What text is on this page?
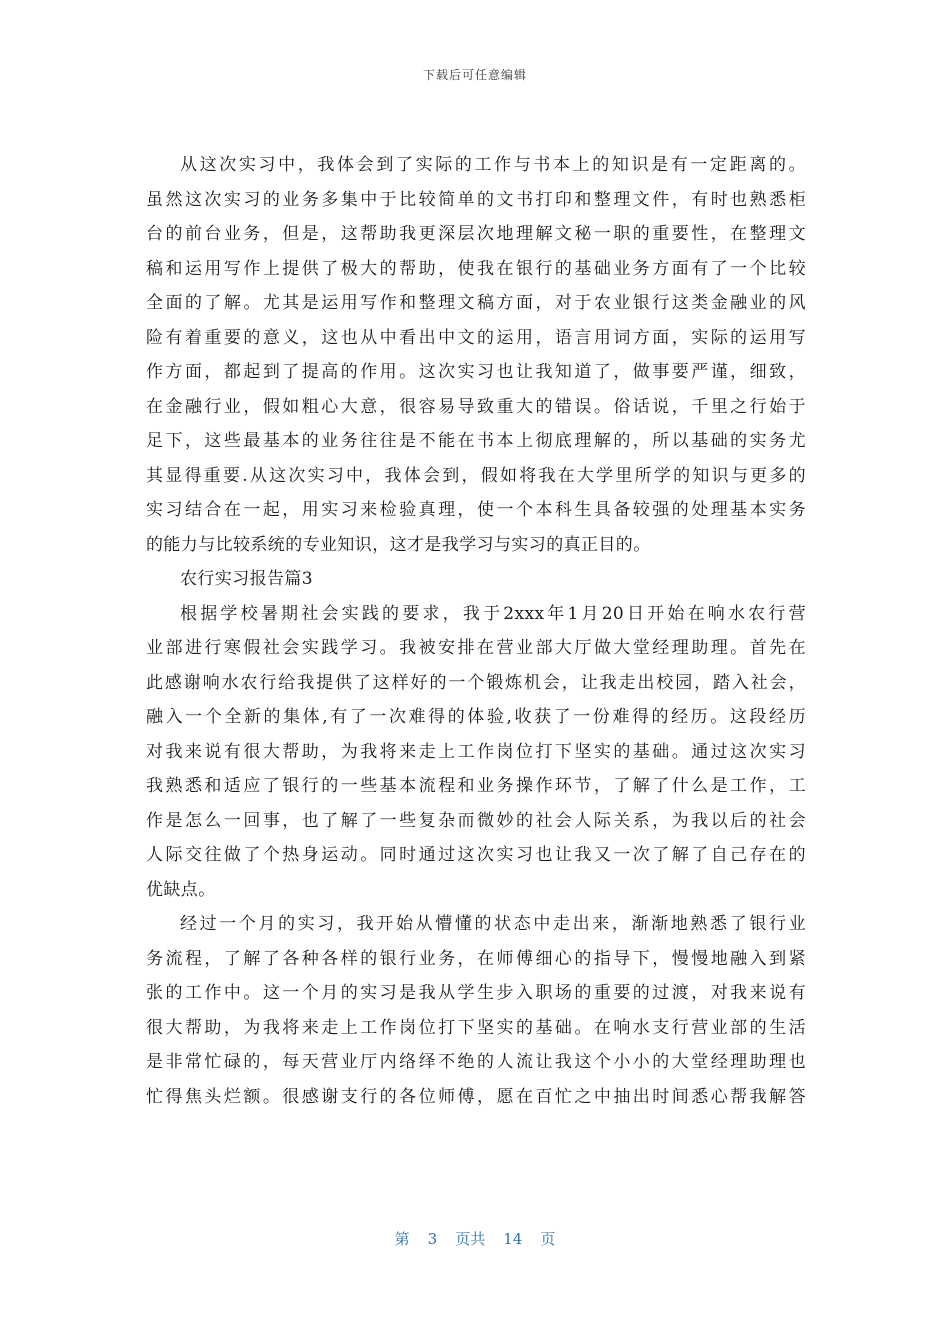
下载后可任意编辑
从这次实习中，我体会到了实际的工作与书本上的知识是有一定距离的。
虽然这次实习的业务多集中于比较简单的文书打印和整理文件，有时也熟悉柜
台的前台业务，但是，这帮助我更深层次地理解文秘一职的重要性，在整理文
稿和运用写作上提供了极大的帮助，使我在银行的基础业务方面有了一个比较
全面的了解。尤其是运用写作和整理文稿方面，对于农业银行这类金融业的风
险有着重要的意义，这也从中看出中文的运用，语言用词方面，实际的运用写
作方面，都起到了提高的作用。这次实习也让我知道了，做事要严谨，细致，
在金融行业，假如粗心大意，很容易导致重大的错误。俗话说，千里之行始于
足下，这些最基本的业务往往是不能在书本上彻底理解的，所以基础的实务尤
其显得重要.从这次实习中，我体会到，假如将我在大学里所学的知识与更多的
实习结合在一起，用实习来检验真理，使一个本科生具备较强的处理基本实务
的能力与比较系统的专业知识，这才是我学习与实习的真正目的。
农行实习报告篇3
根据学校暑期社会实践的要求，我于2xxx年1月20日开始在响水农行营
业部进行寒假社会实践学习。我被安排在营业部大厅做大堂经理助理。首先在
此感谢响水农行给我提供了这样好的一个锻炼机会，让我走出校园，踏入社会，
融入一个全新的集体,有了一次难得的体验,收获了一份难得的经历。这段经历
对我来说有很大帮助，为我将来走上工作岗位打下坚实的基础。通过这次实习
我熟悉和适应了银行的一些基本流程和业务操作环节，了解了什么是工作，工
作是怎么一回事，也了解了一些复杂而微妙的社会人际关系，为我以后的社会
人际交往做了个热身运动。同时通过这次实习也让我又一次了解了自己存在的
优缺点。
经过一个月的实习，我开始从懵懂的状态中走出来，渐渐地熟悉了银行业
务流程，了解了各种各样的银行业务，在师傅细心的指导下，慢慢地融入到紧
张的工作中。这一个月的实习是我从学生步入职场的重要的过渡，对我来说有
很大帮助，为我将来走上工作岗位打下坚实的基础。在响水支行营业部的生活
是非常忙碌的，每天营业厅内络绎不绝的人流让我这个小小的大堂经理助理也
忙得焦头烂额。很感谢支行的各位师傅，愿在百忙之中抽出时间悉心帮我解答
第 3 页共 14 页
